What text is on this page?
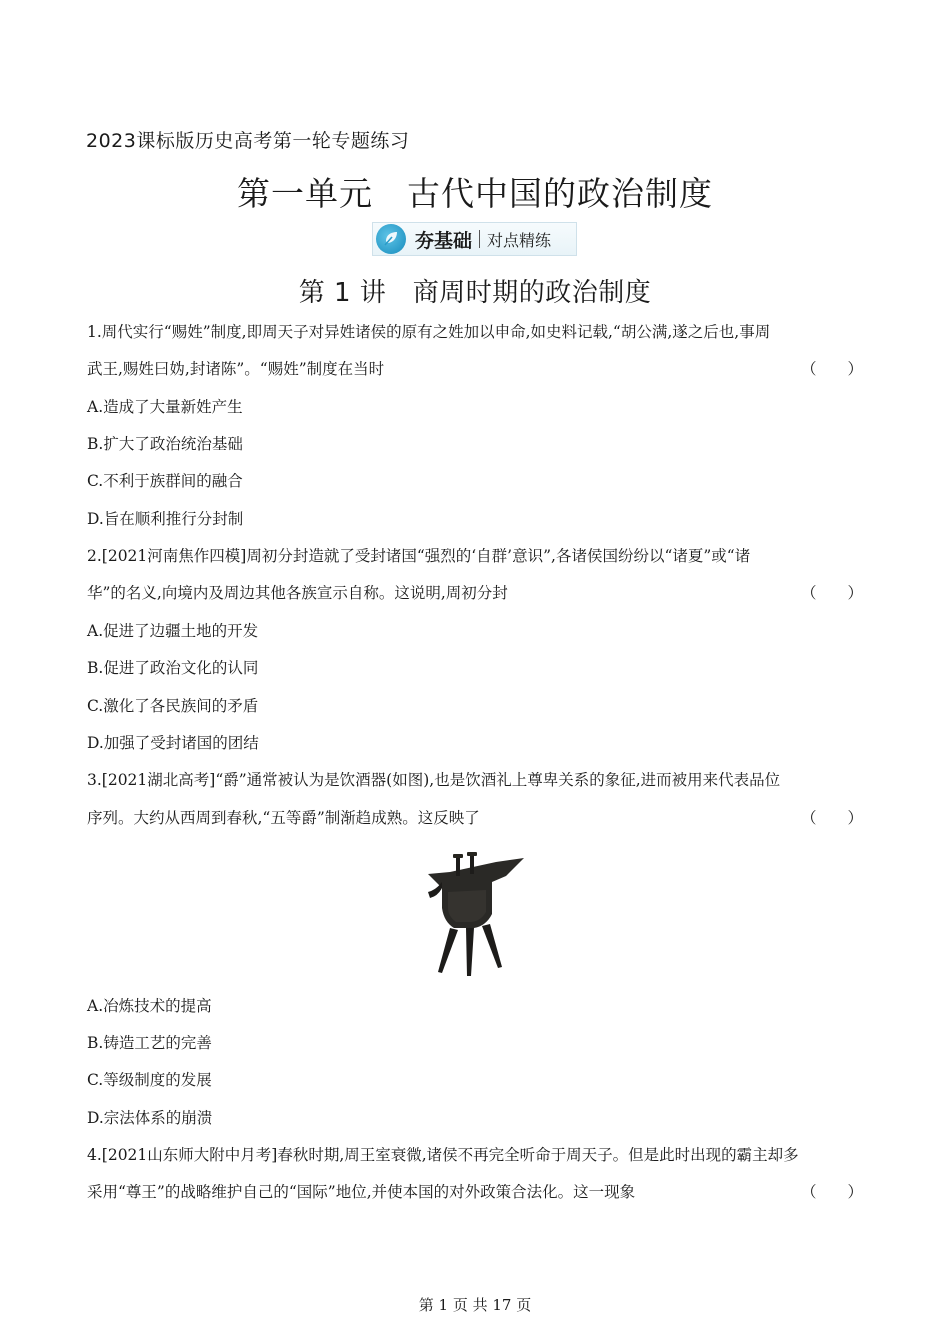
2023课标版历史高考第一轮专题练习
第一单元　古代中国的政治制度
夯基础 对点精练
第 1 讲　商周时期的政治制度
1.周代实行“赐姓”制度,即周天子对异姓诸侯的原有之姓加以申命,如史料记载,“胡公满,遂之后也,事周
武王,赐姓曰妫,封诸陈”。“赐姓”制度在当时	（　　）
A.造成了大量新姓产生
B.扩大了政治统治基础
C.不利于族群间的融合
D.旨在顺利推行分封制
2.[2021河南焦作四模]周初分封造就了受封诸国“强烈的‘自群’意识”,各诸侯国纷纷以“诸夏”或“诸
华”的名义,向境内及周边其他各族宣示自称。这说明,周初分封	（　　）
A.促进了边疆土地的开发
B.促进了政治文化的认同
C.激化了各民族间的矛盾
D.加强了受封诸国的团结
3.[2021湖北高考]“爵”通常被认为是饮酒器(如图),也是饮酒礼上尊卑关系的象征,进而被用来代表品位
序列。大约从西周到春秋,“五等爵”制渐趋成熟。这反映了	（　　）
A.冶炼技术的提高
B.铸造工艺的完善
C.等级制度的发展
D.宗法体系的崩溃
4.[2021山东师大附中月考]春秋时期,周王室衰微,诸侯不再完全听命于周天子。但是此时出现的霸主却多
采用“尊王”的战略维护自己的“国际”地位,并使本国的对外政策合法化。这一现象	（　　）
第 1 页 共 17 页
